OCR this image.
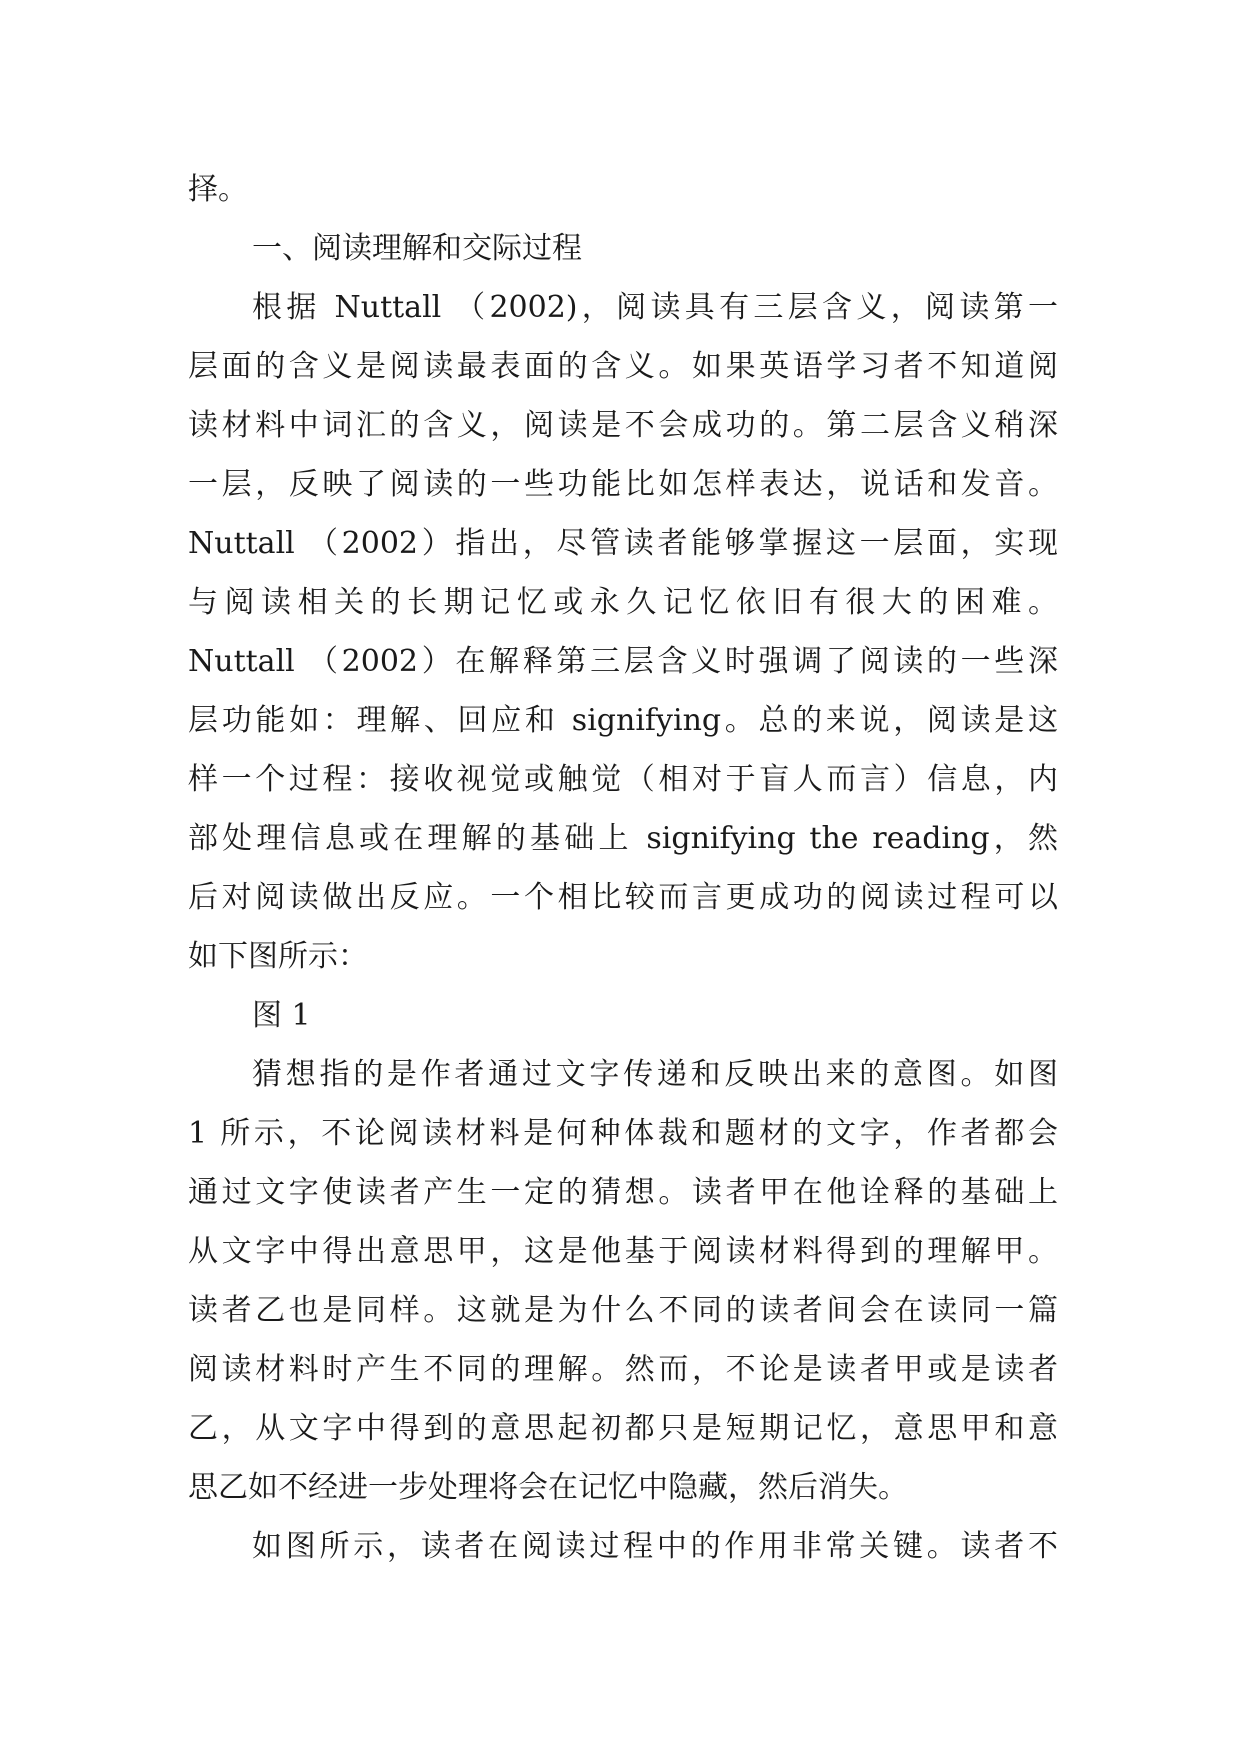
择。
一、阅读理解和交际过程
根据 Nuttall （2002)，阅读具有三层含义，阅读第一
层面的含义是阅读最表面的含义。如果英语学习者不知道阅
读材料中词汇的含义，阅读是不会成功的。第二层含义稍深
一层，反映了阅读的一些功能比如怎样表达，说话和发音。
Nuttall （2002）指出，尽管读者能够掌握这一层面，实现
与阅读相关的长期记忆或永久记忆依旧有很大的困难。
Nuttall （2002）在解释第三层含义时强调了阅读的一些深
层功能如：理解、回应和 signifying。总的来说，阅读是这
样一个过程：接收视觉或触觉（相对于盲人而言）信息，内
部处理信息或在理解的基础上 signifying the reading，然
后对阅读做出反应。一个相比较而言更成功的阅读过程可以
如下图所示：
图 1
猜想指的是作者通过文字传递和反映出来的意图。如图
1 所示，不论阅读材料是何种体裁和题材的文字，作者都会
通过文字使读者产生一定的猜想。读者甲在他诠释的基础上
从文字中得出意思甲，这是他基于阅读材料得到的理解甲。
读者乙也是同样。这就是为什么不同的读者间会在读同一篇
阅读材料时产生不同的理解。然而，不论是读者甲或是读者
乙，从文字中得到的意思起初都只是短期记忆，意思甲和意
思乙如不经进一步处理将会在记忆中隐藏，然后消失。
如图所示，读者在阅读过程中的作用非常关键。读者不
